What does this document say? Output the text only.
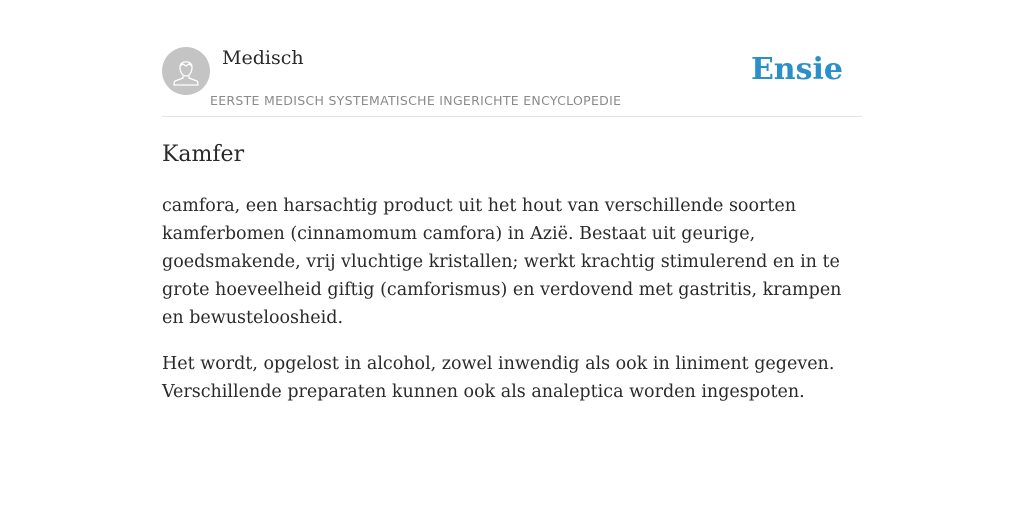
Medisch
EERSTE MEDISCH SYSTEMATISCHE INGERICHTE ENCYCLOPEDIE
Ensie
Kamfer

camfora, een harsachtig product uit het hout van verschillende soorten kamferbomen (cinnamomum camfora) in Azië. Bestaat uit geurige, goedsmakende, vrij vluchtige kristallen; werkt krachtig stimulerend en in te grote hoeveelheid giftig (camforismus) en verdovend met gastritis, krampen en bewusteloosheid.

Het wordt, opgelost in alcohol, zowel inwendig als ook in liniment gegeven. Verschillende preparaten kunnen ook als analeptica worden ingespoten.
